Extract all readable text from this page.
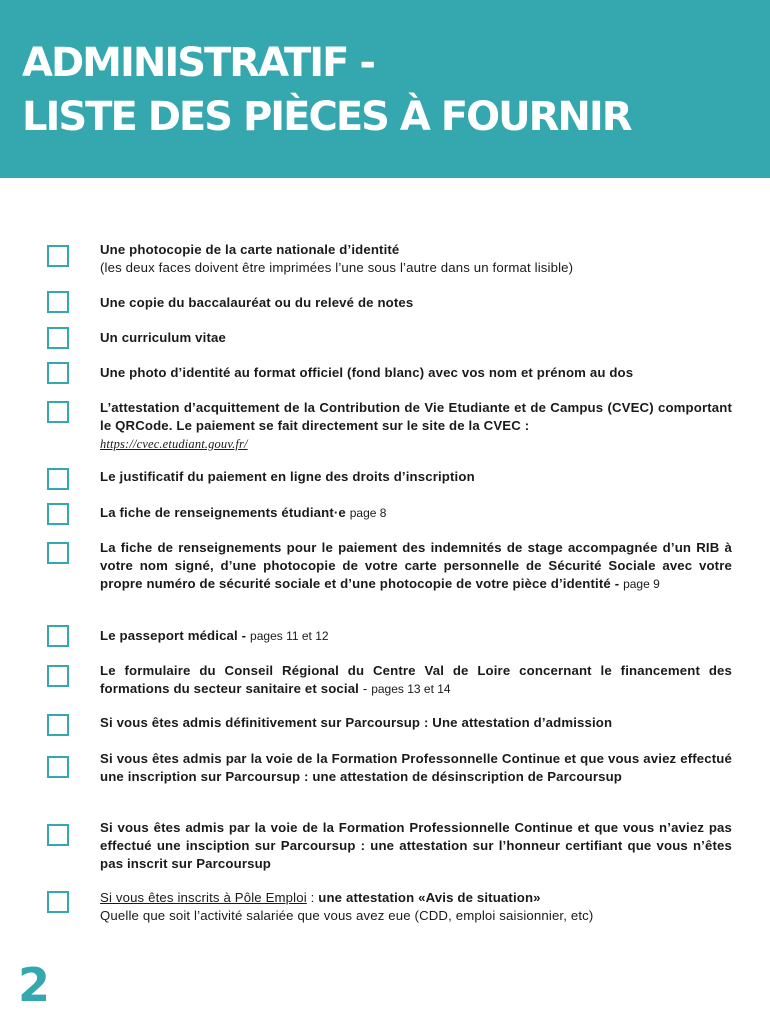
ADMINISTRATIF -
LISTE DES PIÈCES À FOURNIR
Une photocopie de la carte nationale d’identité
(les deux faces doivent être imprimées l’une sous l’autre dans un format lisible)
Une copie du baccalauréat ou du relevé de notes
Un curriculum vitae
Une photo d’identité au format officiel (fond blanc) avec vos nom et prénom au dos
L’attestation d’acquittement de la Contribution de Vie Etudiante et de Campus (CVEC) comportant le QRCode. Le paiement se fait directement sur le site de la CVEC :
https://cvec.etudiant.gouv.fr/
Le justificatif du paiement en ligne des droits d’inscription
La fiche de renseignements étudiant·e page 8
La fiche de renseignements pour le paiement des indemnités de stage accompagnée d’un RIB à votre nom signé, d’une photocopie de votre carte personnelle de Sécurité Sociale avec votre propre numéro de sécurité sociale et d’une photocopie de votre pièce d’identité - page 9
Le passeport médical - pages 11 et 12
Le formulaire du Conseil Régional du Centre Val de Loire concernant le financement des formations du secteur sanitaire et social - pages 13 et 14
Si vous êtes admis définitivement sur Parcoursup : Une attestation d’admission
Si vous êtes admis par la voie de la Formation Professonnelle Continue et que vous aviez effectué une inscription sur Parcoursup : une attestation de désinscription de Parcoursup
Si vous êtes admis par la voie de la Formation Professionnelle Continue et que vous n’aviez pas effectué une insciption sur Parcoursup : une attestation sur l’honneur certifiant que vous n’êtes pas inscrit sur Parcoursup
Si vous êtes inscrits à Pôle Emploi : une attestation «Avis de situation»
Quelle que soit l’activité salariée que vous avez eue (CDD, emploi saisionnier, etc)
2
